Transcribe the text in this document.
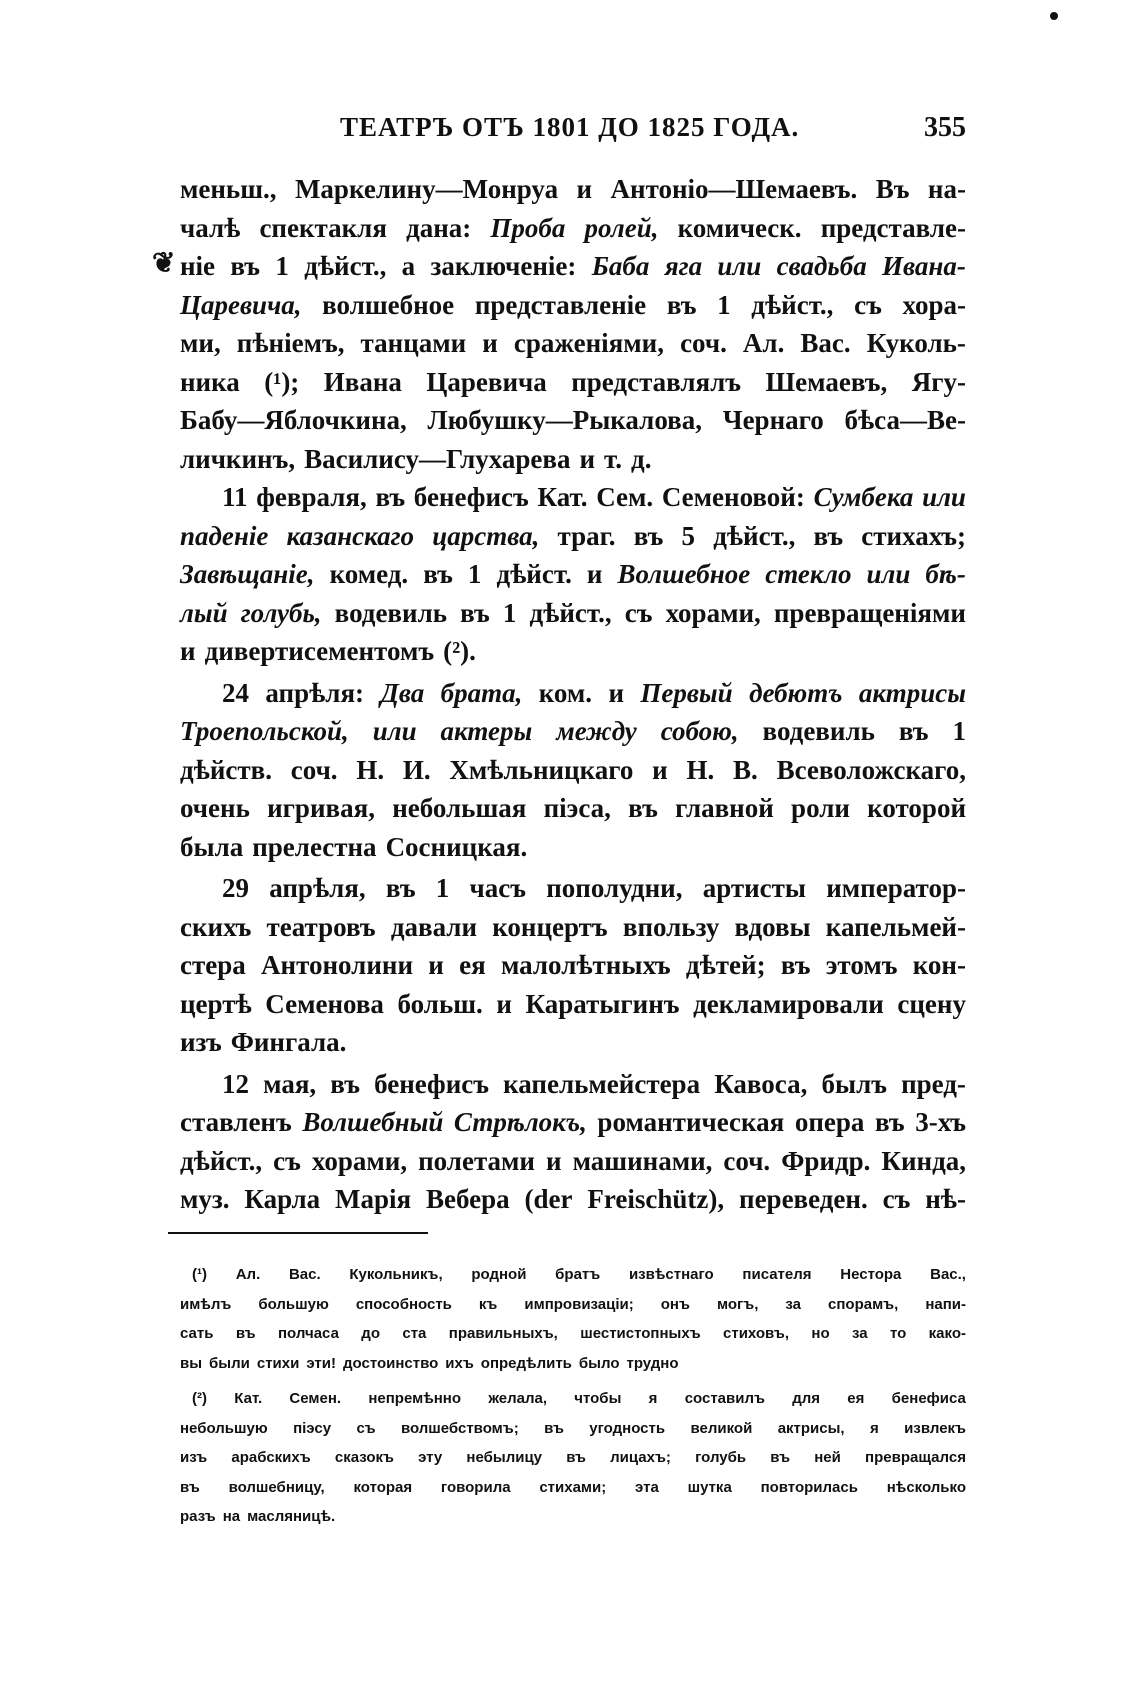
ТЕАТРЪ ОТЪ 1801 ДО 1825 ГОДА.	355
❦
меньш., Маркелину—Монруа и Антоніо—Шемаевъ. Въ на-
чалѣ спектакля дана: Проба ролей, комическ. представле-
ніе въ 1 дѣйст., а заключеніе: Баба яга или свадьба Ивана-
Царевича, волшебное представленіе въ 1 дѣйст., съ хора-
ми, пѣніемъ, танцами и сраженіями, соч. Ал. Вас. Куколь-
ника (¹); Ивана Царевича представлялъ Шемаевъ, Ягу-
Бабу—Яблочкина, Любушку—Рыкалова, Чернаго бѣса—Ве-
личкинъ, Василису—Глухарева и т. д.
11 февраля, въ бенефисъ Кат. Сем. Семеновой: Сумбека или
паденіе казанскаго царства, траг. въ 5 дѣйст., въ стихахъ;
Завѣщаніе, комед. въ 1 дѣйст. и Волшебное стекло или бѣ-
лый голубь, водевиль въ 1 дѣйст., съ хорами, превращеніями
и дивертисементомъ (²).
24 апрѣля: Два брата, ком. и Первый дебютъ актрисы
Троепольской, или актеры между собою, водевиль въ 1
дѣйств. соч. Н. И. Хмѣльницкаго и Н. В. Всеволожскаго,
очень игривая, небольшая піэса, въ главной роли которой
была прелестна Сосницкая.
29 апрѣля, въ 1 часъ пополудни, артисты император-
скихъ театровъ давали концертъ впользу вдовы капельмей-
стера Антонолини и ея малолѣтныхъ дѣтей; въ этомъ кон-
цертѣ Семенова больш. и Каратыгинъ декламировали сцену
изъ Фингала.
12 мая, въ бенефисъ капельмейстера Кавоса, былъ пред-
ставленъ Волшебный Стрѣлокъ, романтическая опера въ 3-хъ
дѣйст., съ хорами, полетами и машинами, соч. Фридр. Кинда,
муз. Карла Марія Вебера (der Freischütz), переведен. съ нѣ-
(¹) Ал. Вас. Кукольникъ, родной братъ извѣстнаго писателя Нестора Вас.,
имѣлъ большую способность къ импровизаціи; онъ могъ, за спорамъ, напи-
сать въ полчаса до ста правильныхъ, шестистопныхъ стиховъ, но за то како-
вы были стихи эти! достоинство ихъ опредѣлить было трудно
(²) Кат. Семен. непремѣнно желала, чтобы я составилъ для ея бенефиса
небольшую піэсу съ волшебствомъ; въ угодность великой актрисы, я извлекъ
изъ арабскихъ сказокъ эту небылицу въ лицахъ; голубь въ ней превращался
въ волшебницу, которая говорила стихами; эта шутка повторилась нѣсколько
разъ на масляницѣ.
